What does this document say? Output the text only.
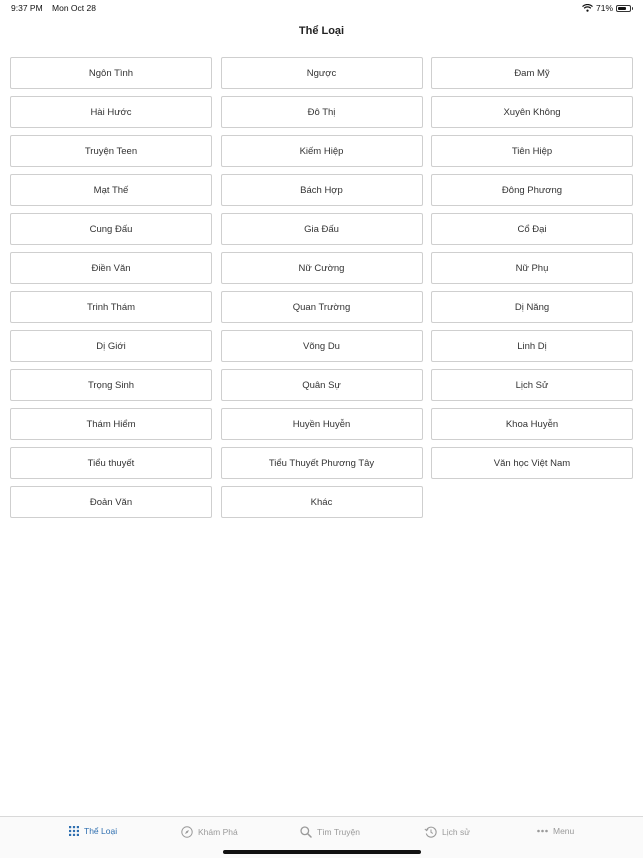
9:37 PM Mon Oct 28	71%
Thể Loại
Ngôn Tình	Ngược	Đam Mỹ
Hài Hước	Đô Thị	Xuyên Không
Truyện Teen	Kiếm Hiệp	Tiên Hiệp
Mạt Thế	Bách Hợp	Đông Phương
Cung Đấu	Gia Đấu	Cổ Đại
Điền Văn	Nữ Cường	Nữ Phụ
Trinh Thám	Quan Trường	Dị Năng
Dị Giới	Võng Du	Linh Dị
Trọng Sinh	Quân Sự	Lịch Sử
Thám Hiểm	Huyền Huyễn	Khoa Huyễn
Tiểu thuyết	Tiểu Thuyết Phương Tây	Văn học Việt Nam
Đoản Văn	Khác
Thể Loại	Khám Phá	Tìm Truyện	Lịch sử	Menu
